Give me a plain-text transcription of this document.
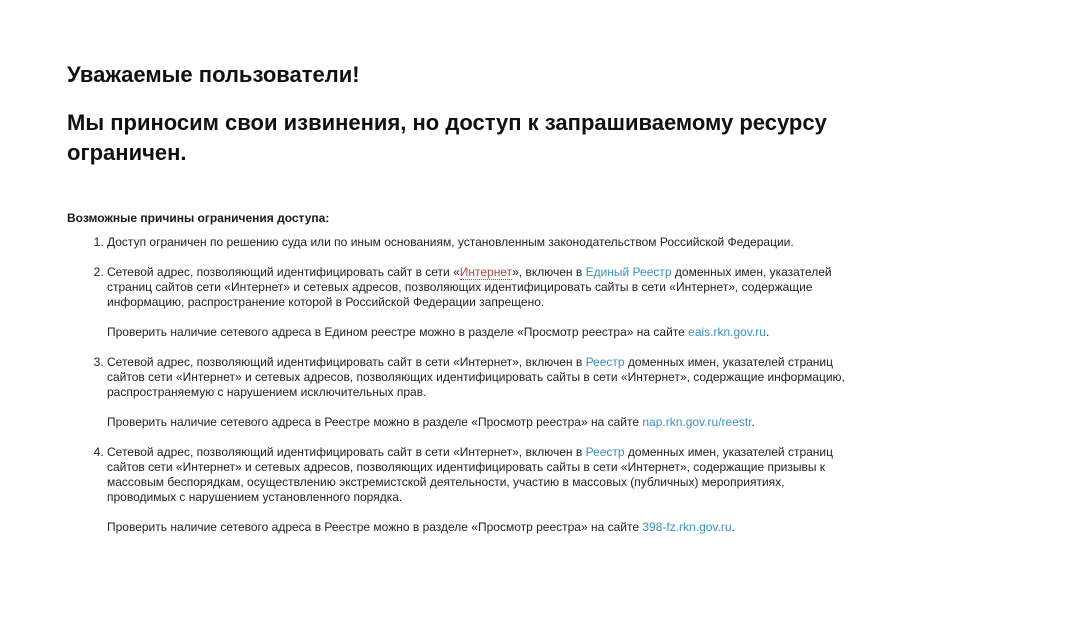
Уважаемые пользователи!
Мы приносим свои извинения, но доступ к запрашиваемому ресурсу ограничен.
Возможные причины ограничения доступа:

1. Доступ ограничен по решению суда или по иным основаниям, установленным законодательством Российской Федерации.

2. Сетевой адрес, позволяющий идентифицировать сайт в сети «Интернет», включен в Единый Реестр доменных имен, указателей страниц сайтов сети «Интернет» и сетевых адресов, позволяющих идентифицировать сайты в сети «Интернет», содержащие информацию, распространение которой в Российской Федерации запрещено.

Проверить наличие сетевого адреса в Едином реестре можно в разделе «Просмотр реестра» на сайте eais.rkn.gov.ru.

3. Сетевой адрес, позволяющий идентифицировать сайт в сети «Интернет», включен в Реестр доменных имен, указателей страниц сайтов сети «Интернет» и сетевых адресов, позволяющих идентифицировать сайты в сети «Интернет», содержащие информацию, распространяемую с нарушением исключительных прав.

Проверить наличие сетевого адреса в Реестре можно в разделе «Просмотр реестра» на сайте nap.rkn.gov.ru/reestr.

4. Сетевой адрес, позволяющий идентифицировать сайт в сети «Интернет», включен в Реестр доменных имен, указателей страниц сайтов сети «Интернет» и сетевых адресов, позволяющих идентифицировать сайты в сети «Интернет», содержащие призывы к массовым беспорядкам, осуществлению экстремистской деятельности, участию в массовых (публичных) мероприятиях, проводимых с нарушением установленного порядка.

Проверить наличие сетевого адреса в Реестре можно в разделе «Просмотр реестра» на сайте 398-fz.rkn.gov.ru.
